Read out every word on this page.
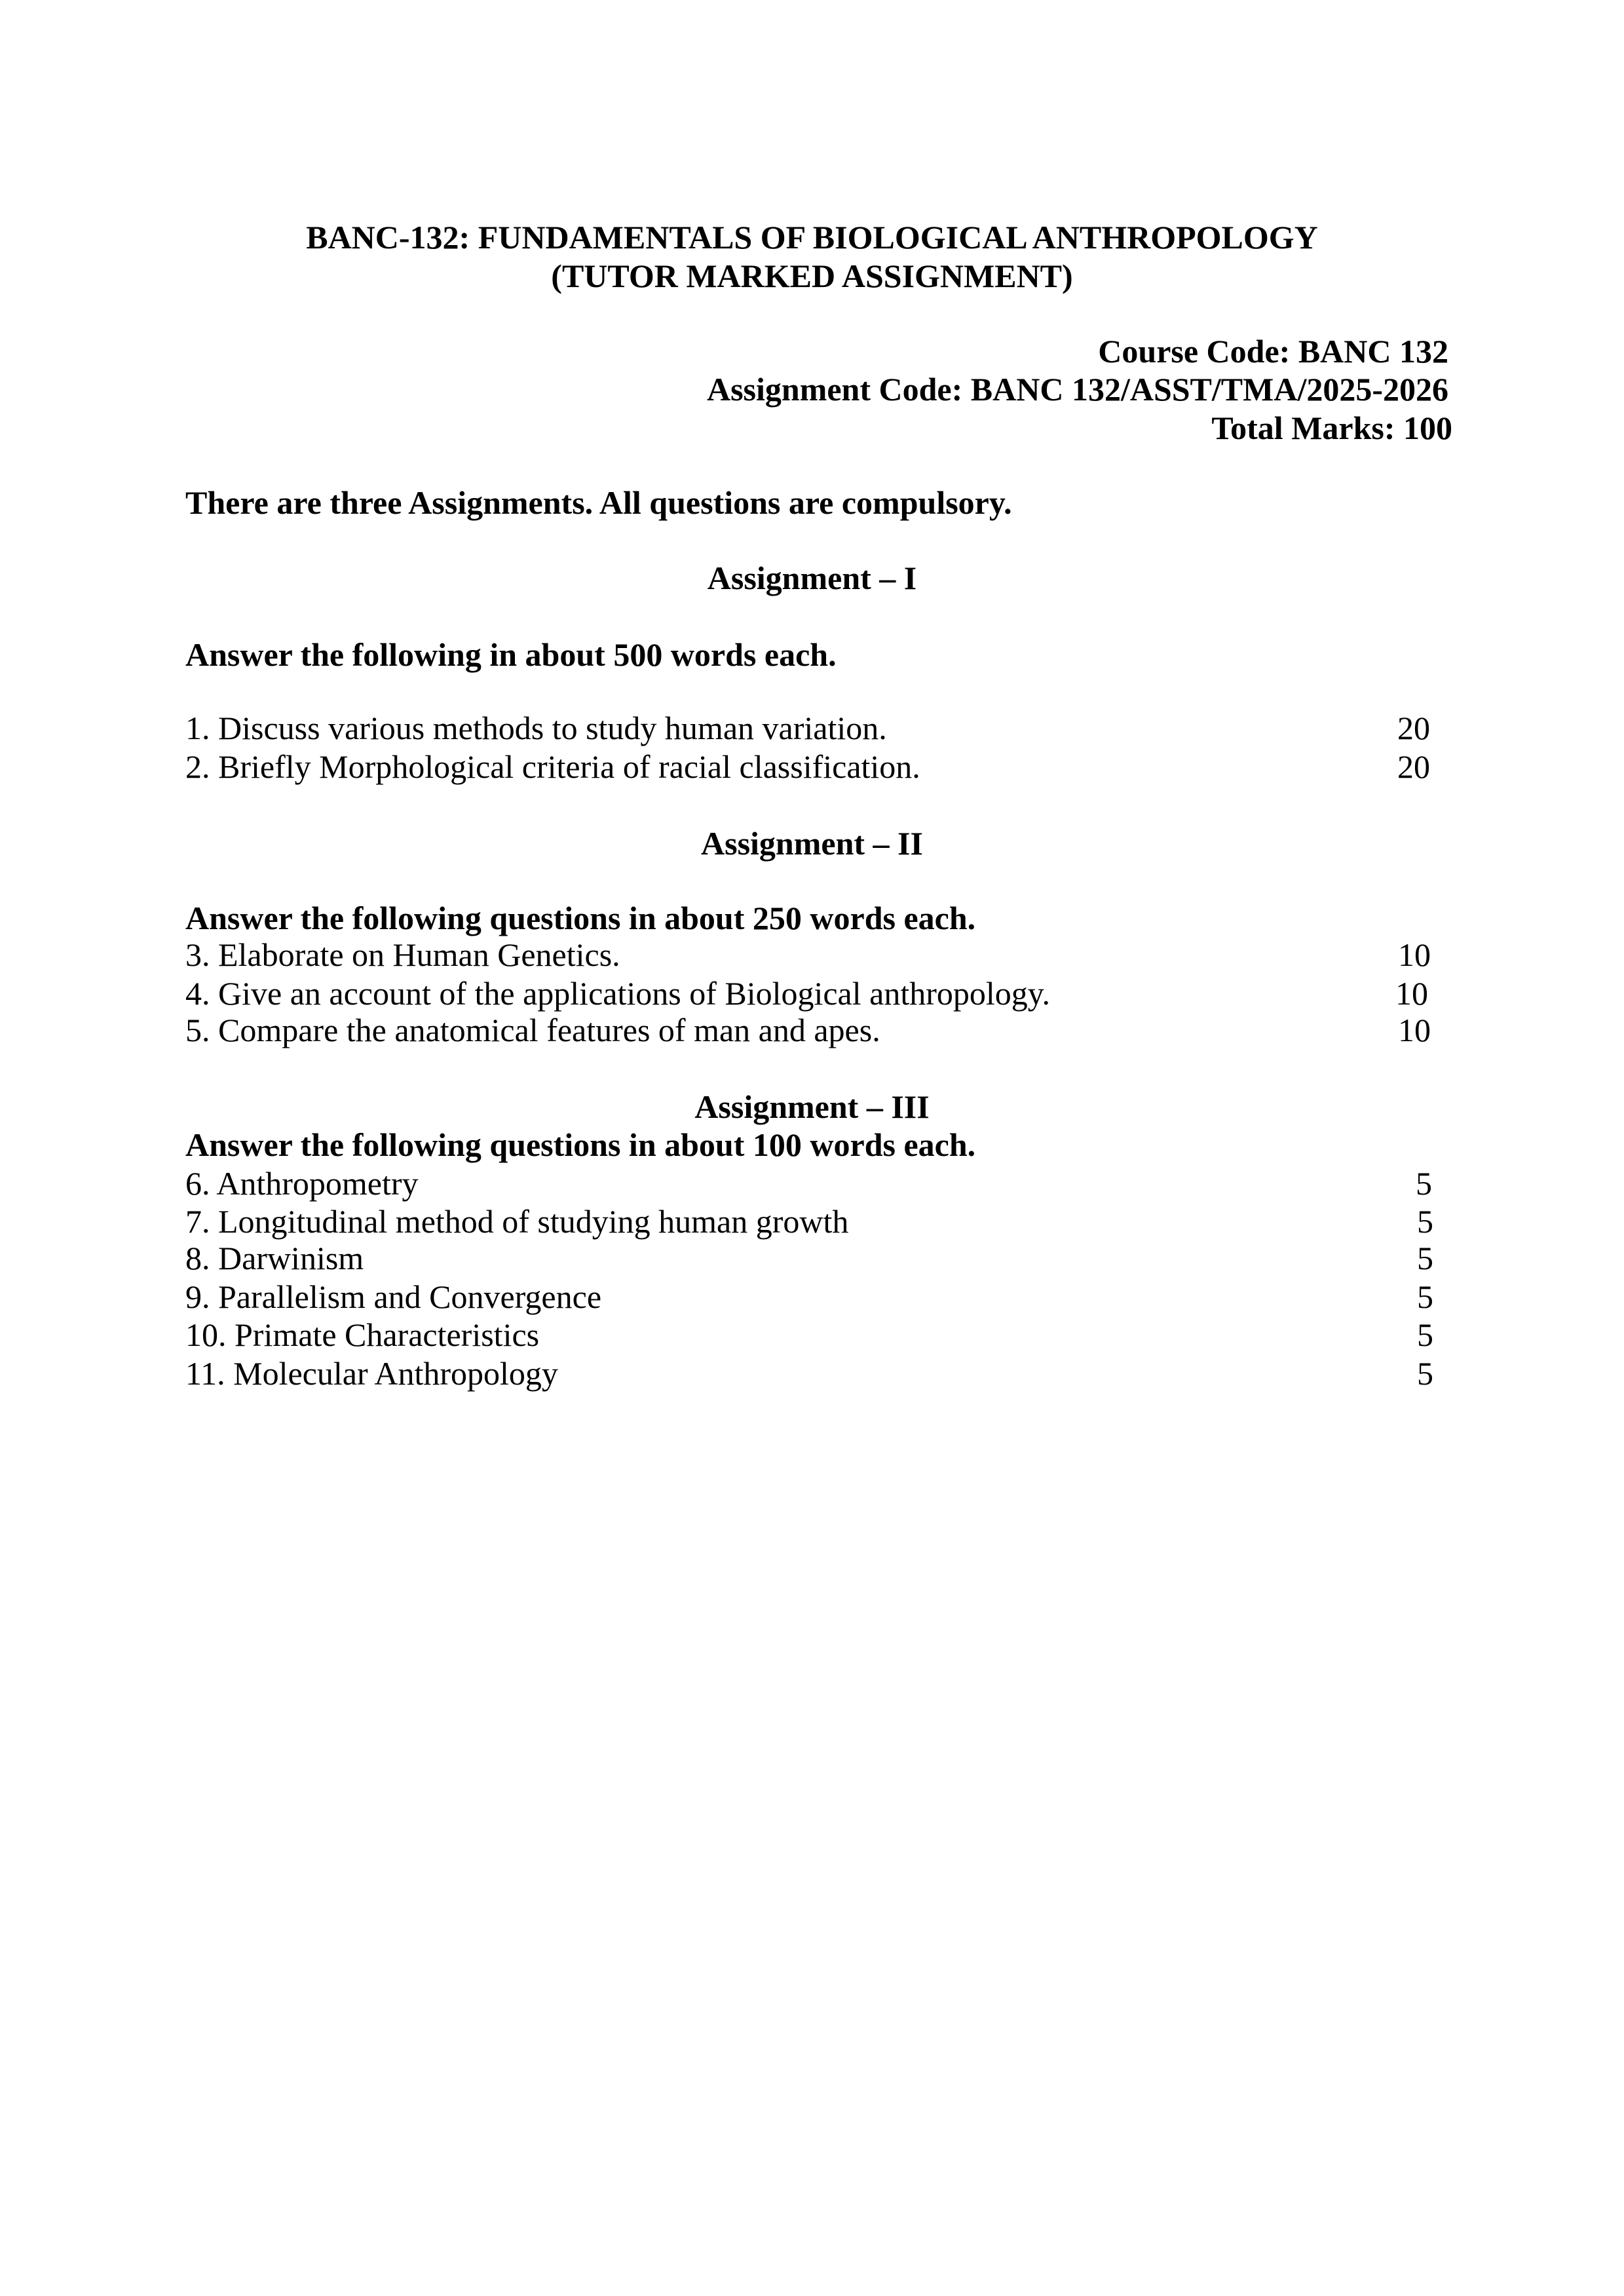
BANC-132: FUNDAMENTALS OF BIOLOGICAL ANTHROPOLOGY
(TUTOR MARKED ASSIGNMENT)
Course Code: BANC 132
Assignment Code: BANC 132/ASST/TMA/2025-2026
Total Marks: 100
There are three Assignments. All questions are compulsory.
Assignment – I
Answer the following in about 500 words each.
1. Discuss various methods to study human variation.	20
2. Briefly Morphological criteria of racial classification.	20
Assignment – II
Answer the following questions in about 250 words each.
3. Elaborate on Human Genetics.	10
4. Give an account of the applications of Biological anthropology.	10
5. Compare the anatomical features of man and apes.	10
Assignment – III
Answer the following questions in about 100 words each.
6. Anthropometry	5
7. Longitudinal method of studying human growth	5
8. Darwinism	5
9. Parallelism and Convergence	5
10. Primate Characteristics	5
11. Molecular Anthropology	5
